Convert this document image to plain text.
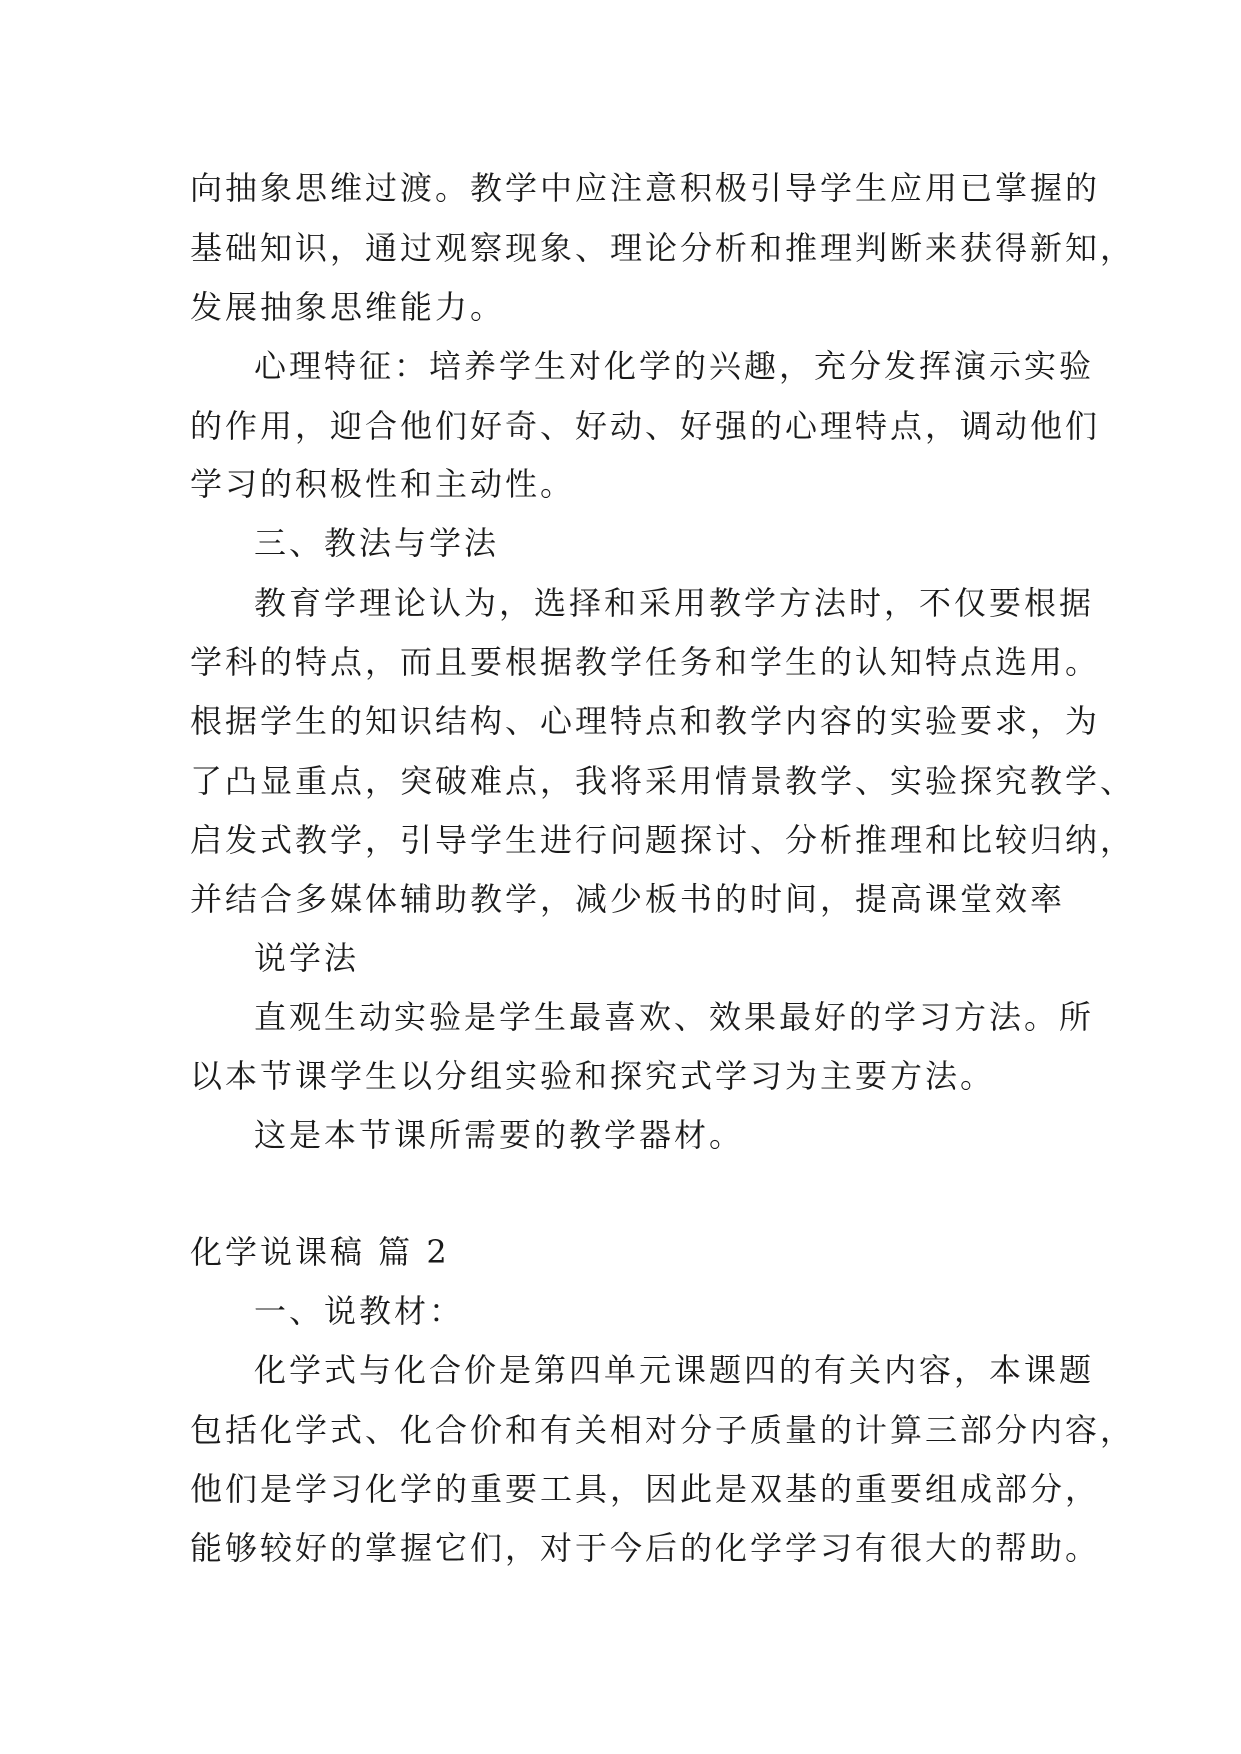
向抽象思维过渡。教学中应注意积极引导学生应用已掌握的
基础知识，通过观察现象、理论分析和推理判断来获得新知，
发展抽象思维能力。
心理特征：培养学生对化学的兴趣，充分发挥演示实验
的作用，迎合他们好奇、好动、好强的心理特点，调动他们
学习的积极性和主动性。
三、教法与学法
教育学理论认为，选择和采用教学方法时，不仅要根据
学科的特点，而且要根据教学任务和学生的认知特点选用。
根据学生的知识结构、心理特点和教学内容的实验要求，为
了凸显重点，突破难点，我将采用情景教学、实验探究教学、
启发式教学，引导学生进行问题探讨、分析推理和比较归纳，
并结合多媒体辅助教学，减少板书的时间，提高课堂效率
说学法
直观生动实验是学生最喜欢、效果最好的学习方法。所
以本节课学生以分组实验和探究式学习为主要方法。
这是本节课所需要的教学器材。
化学说课稿 篇 2
一、说教材：
化学式与化合价是第四单元课题四的有关内容，本课题
包括化学式、化合价和有关相对分子质量的计算三部分内容，
他们是学习化学的重要工具，因此是双基的重要组成部分，
能够较好的掌握它们，对于今后的化学学习有很大的帮助。
